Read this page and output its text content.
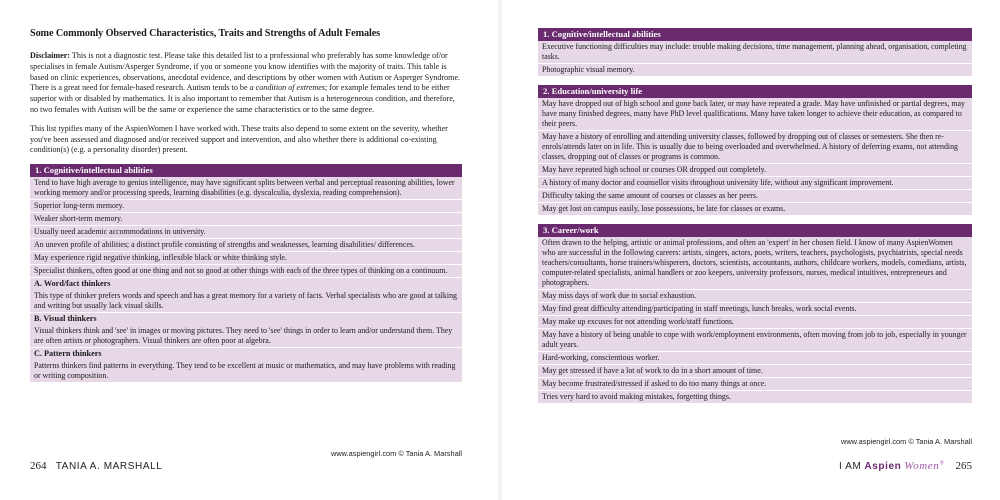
Some Commonly Observed Characteristics, Traits and Strengths of Adult Females

Disclaimer: This is not a diagnostic test. Please take this detailed list to a professional who preferably has some knowledge of/or specialises in female Autism/Asperger Syndrome, if you or someone you know identifies with the majority of traits. This table is based on clinic experiences, observations, anecdotal evidence, and descriptions by other women with Autism or Asperger Syndrome. There is a great need for female-based research. Autism tends to be a condition of extremes; for example females tend to be either superior with or disabled by mathematics. It is also important to remember that Autism is a heterogeneous condition, and therefore, no two females with Autism will be the same or experience the same characteristics or to the same degree.

This list typifies many of the AspienWomen I have worked with. These traits also depend to some extent on the severity, whether you've been assessed and diagnosed and/or received support and intervention, and also whether there is additional co-existing condition(s) (e.g. a personality disorder) present.

1. Cognitive/intellectual abilities
Tend to have high average to genius intelligence, may have significant splits between verbal and perceptual reasoning abilities, lower working memory and/or processing speeds, learning disabilities (e.g. dyscalculia, dyslexia, reading comprehension).
Superior long-term memory.
Weaker short-term memory.
Usually need academic accommodations in university.
An uneven profile of abilities; a distinct profile consisting of strengths and weaknesses, learning disabilities/ differences.
May experience rigid negative thinking, inflexible black or white thinking style.
Specialist thinkers, often good at one thing and not so good at other things with each of the three types of thinking on a continuum.
A. Word/fact thinkers
This type of thinker prefers words and speech and has a great memory for a variety of facts. Verbal specialists who are good at talking and writing but usually lack visual skills.
B. Visual thinkers
Visual thinkers think and 'see' in images or moving pictures. They need to 'see' things in order to learn and/or understand them. They are often artists or photographers. Visual thinkers are often poor at algebra.
C. Pattern thinkers
Patterns thinkers find patterns in everything. They tend to be excellent at music or mathematics, and may have problems with reading or writing composition.
www.aspiengirl.com © Tania A. Marshall
264 TANIA A. MARSHALL
1. Cognitive/intellectual abilities
Executive functioning difficulties may include: trouble making decisions, time management, planning ahead, organisation, completing tasks.
Photographic visual memory.
2. Education/university life
May have dropped out of high school and gone back later, or may have repeated a grade. May have unfinished or partial degrees, may have many finished degrees, many have PhD level qualifications. Many have taken longer to achieve their education, as compared to their peers.
May have a history of enrolling and attending university classes, followed by dropping out of classes or semesters. She then re-enrols/attends later on in life. This is usually due to being overloaded and overwhelmed. A history of deferring exams, not attending classes, dropping out of classes or programs is common.
May have repeated high school or courses OR dropped out completely.
A history of many doctor and counsellor visits throughout university life, without any significant improvement.
Difficulty taking the same amount of courses or classes as her peers.
May get lost on campus easily, lose possessions, be late for classes or exams.
3. Career/work
Often drawn to the helping, artistic or animal professions, and often an 'expert' in her chosen field. I know of many AspienWomen who are successful in the following careers: artists, singers, actors, poets, writers, teachers, psychologists, psychiatrists, special needs teachers/consultants, horse trainers/whisperers, doctors, scientists, accountants, authors, childcare workers, models, comedians, artists, computer-related specialists, animal handlers or zoo keepers, university professors, nurses, medical intuitives, entrepreneurs and photographers.
May miss days of work due to social exhaustion.
May find great difficulty attending/participating in staff meetings, lunch breaks, work social events.
May make up excuses for not attending work/staff functions.
May have a history of being unable to cope with work/employment environments, often moving from job to job, especially in younger adult years.
Hard-working, conscientious worker.
May get stressed if have a lot of work to do in a short amount of time.
May become frustrated/stressed if asked to do too many things at once.
Tries very hard to avoid making mistakes, forgetting things.
www.aspiengirl.com © Tania A. Marshall
I AM Aspien Women® 265
